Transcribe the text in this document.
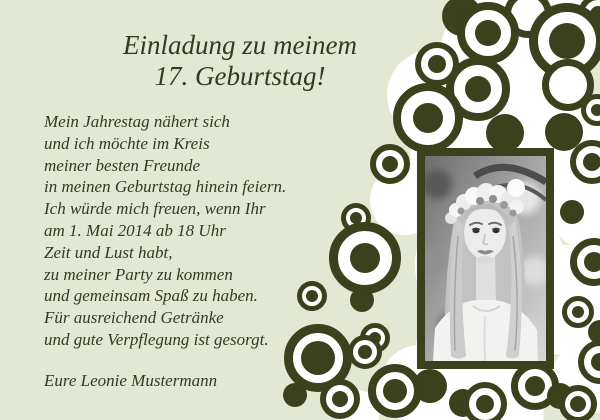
Einladung zu meinem
17. Geburtstag!
Mein Jahrestag nähert sich
und ich möchte im Kreis
meiner besten Freunde
in meinen Geburtstag hinein feiern.
Ich würde mich freuen, wenn Ihr
am 1. Mai 2014 ab 18 Uhr
Zeit und Lust habt,
zu meiner Party zu kommen
und gemeinsam Spaß zu haben.
Für ausreichend Getränke
und gute Verpflegung ist gesorgt.
Eure Leonie Mustermann
